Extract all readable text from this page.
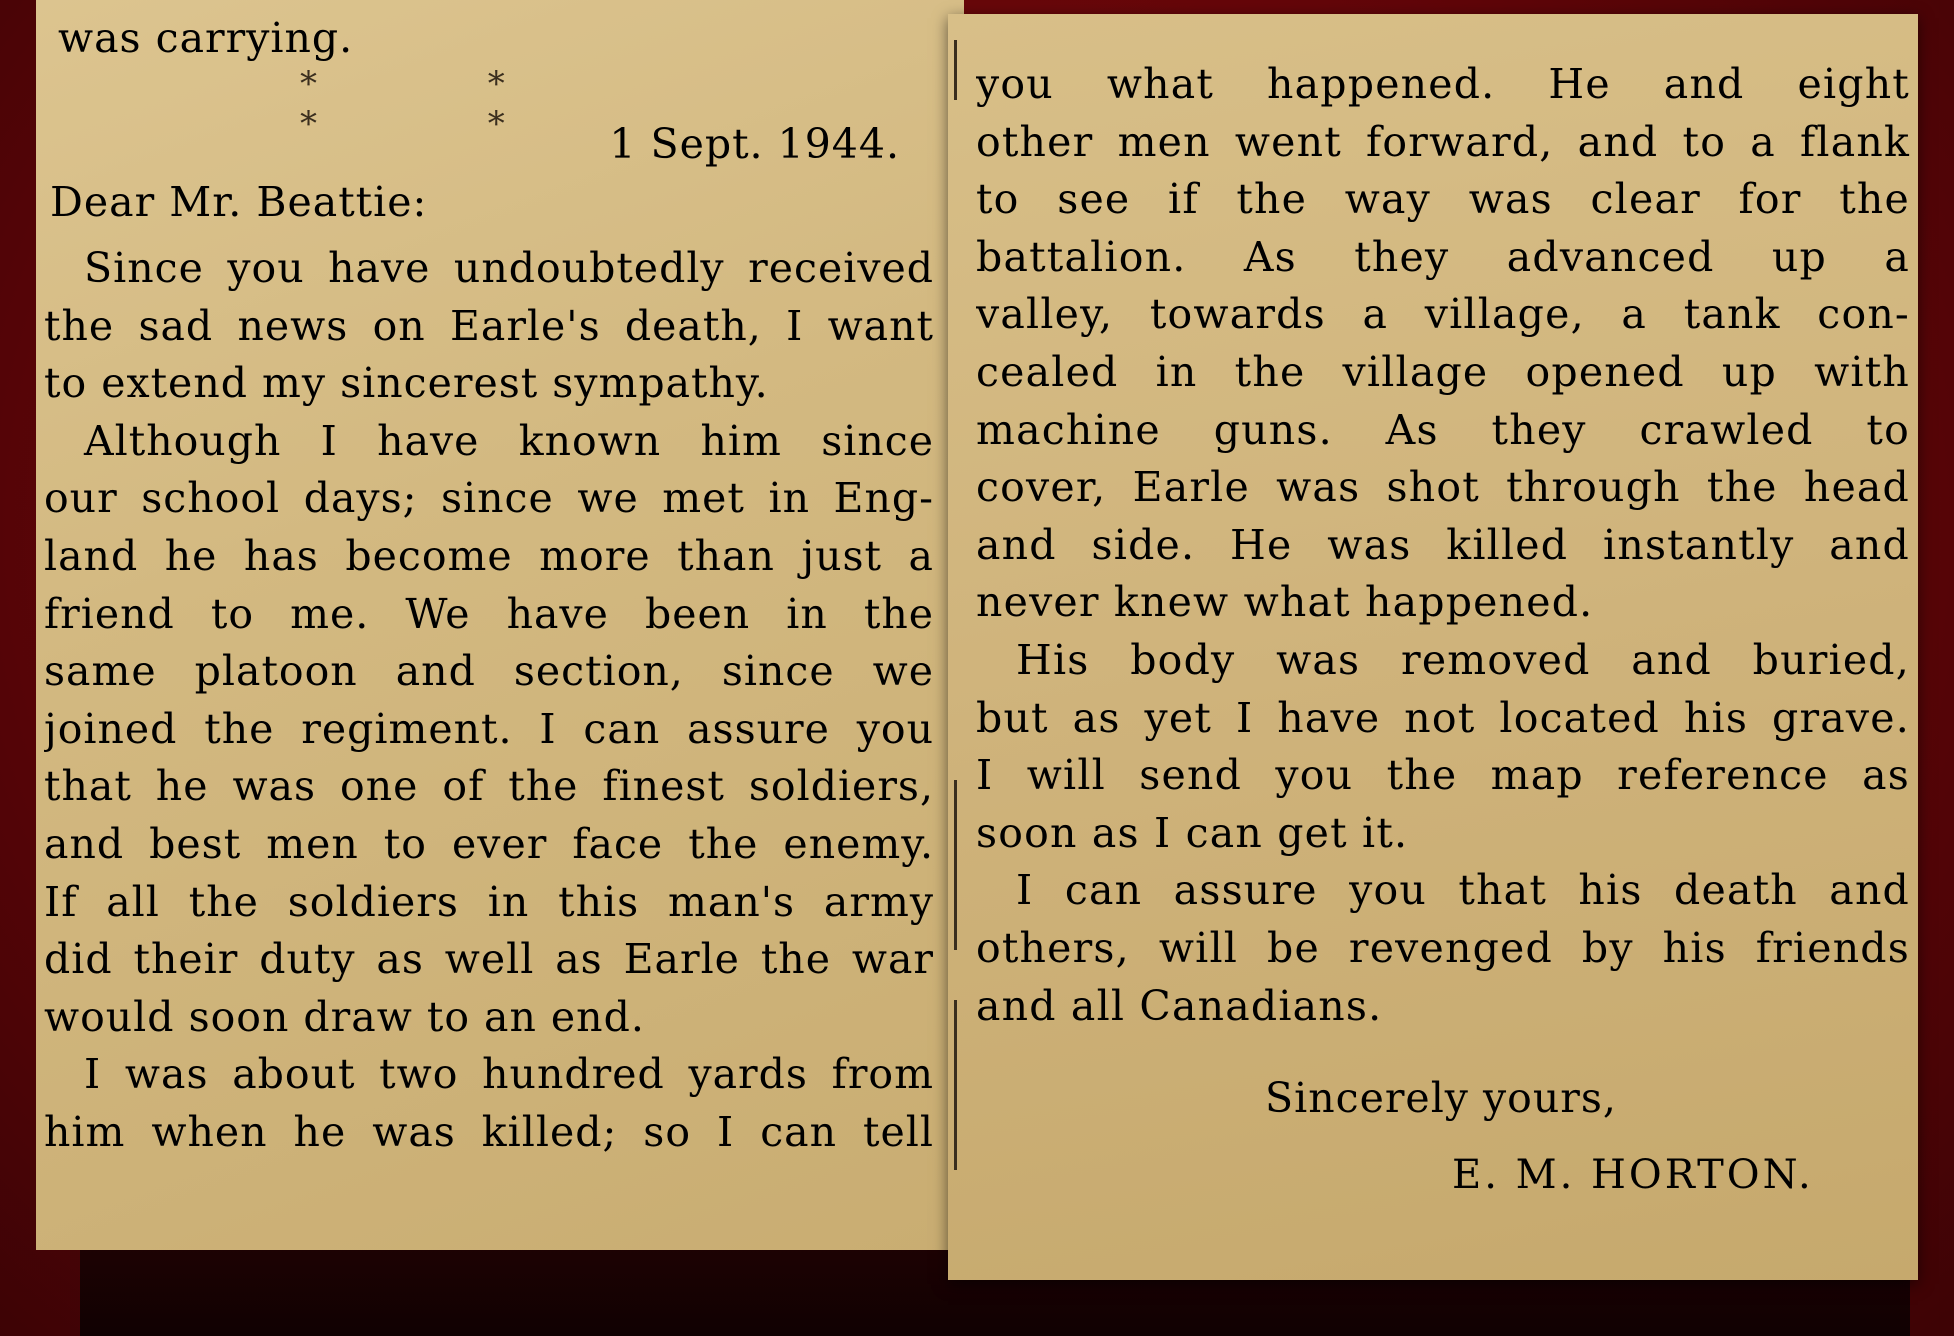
was carrying.
* * * * 1 Sept. 1944.
Dear Mr. Beattie:
Since you have undoubtedly received
the sad news on Earle's death, I want
to extend my sincerest sympathy.
Although I have known him since
our school days; since we met in Eng-
land he has become more than just a
friend to me. We have been in the
same platoon and section, since we
joined the regiment. I can assure you
that he was one of the finest soldiers,
and best men to ever face the enemy.
If all the soldiers in this man's army
did their duty as well as Earle the war
would soon draw to an end.
I was about two hundred yards from
him when he was killed; so I can tell
you what happened. He and eight
other men went forward, and to a flank
to see if the way was clear for the
battalion. As they advanced up a
valley, towards a village, a tank con-
cealed in the village opened up with
machine guns. As they crawled to
cover, Earle was shot through the head
and side. He was killed instantly and
never knew what happened.
His body was removed and buried,
but as yet I have not located his grave.
I will send you the map reference as
soon as I can get it.
I can assure you that his death and
others, will be revenged by his friends
and all Canadians.
Sincerely yours,
E. M. HORTON.
